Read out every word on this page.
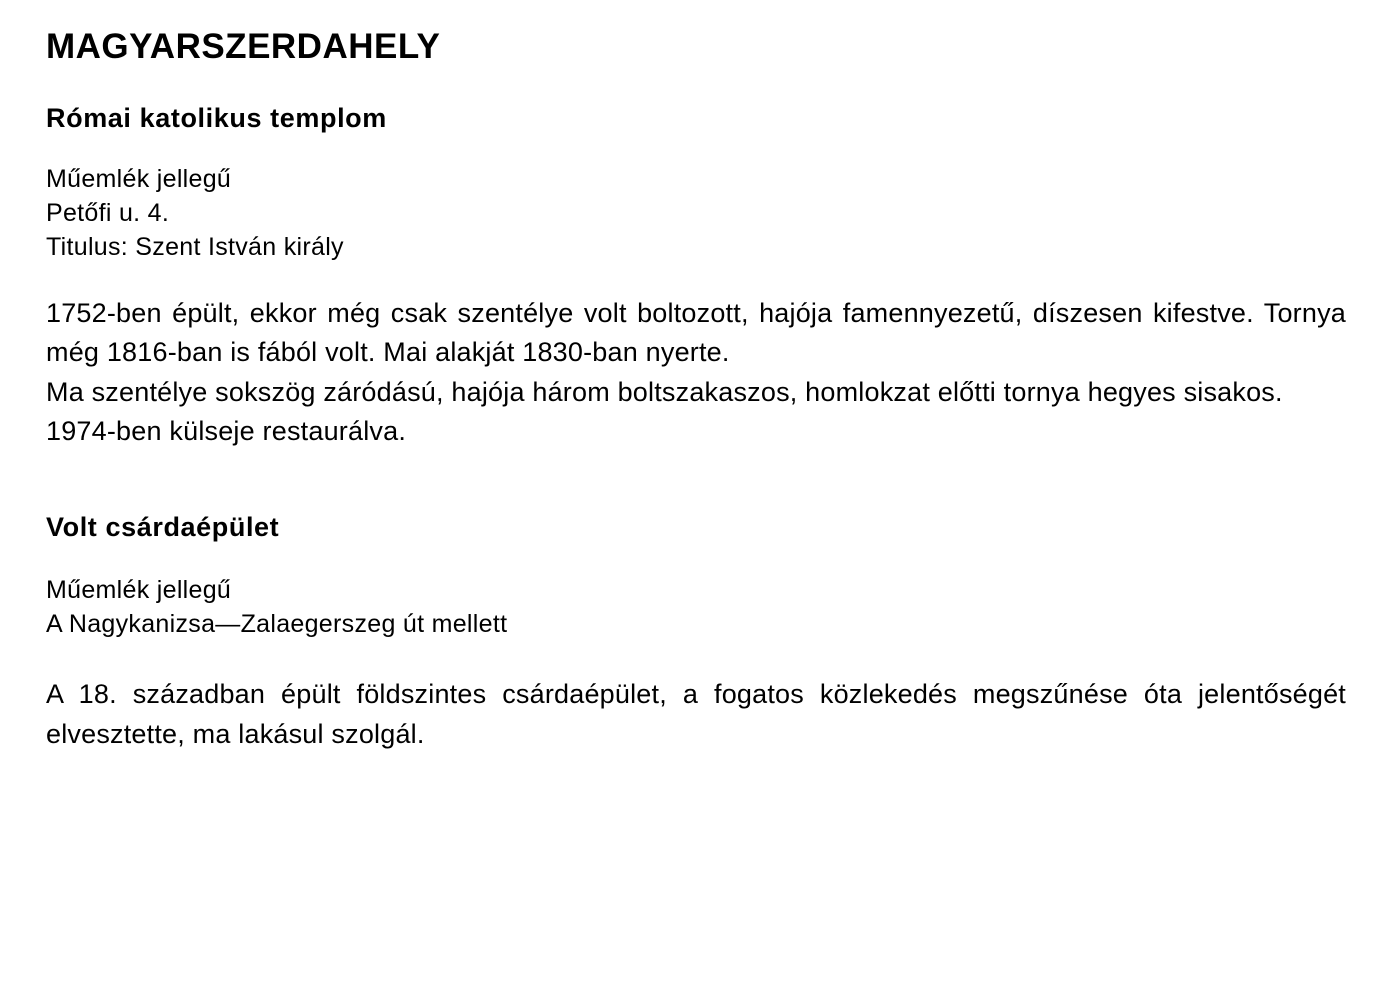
MAGYARSZERDAHELY
Római katolikus templom
Műemlék jellegű
Petőfi u. 4.
Titulus: Szent István király

1752-ben épült, ekkor még csak szentélye volt boltozott, hajója famennyezetű, díszesen kifestve. Tornya még 1816-ban is fából volt. Mai alakját 1830-ban nyerte.

Ma szentélye sokszög záródású, hajója három boltszakaszos, homlokzat előtti tornya hegyes sisakos.

1974-ben külseje restaurálva.

Volt csárdaépület
Műemlék jellegű
A Nagykanizsa—Zalaegerszeg út mellett

A 18. században épült földszintes csárdaépület, a fogatos közlekedés megszűnése óta jelentőségét elvesztette, ma lakásul szolgál.
